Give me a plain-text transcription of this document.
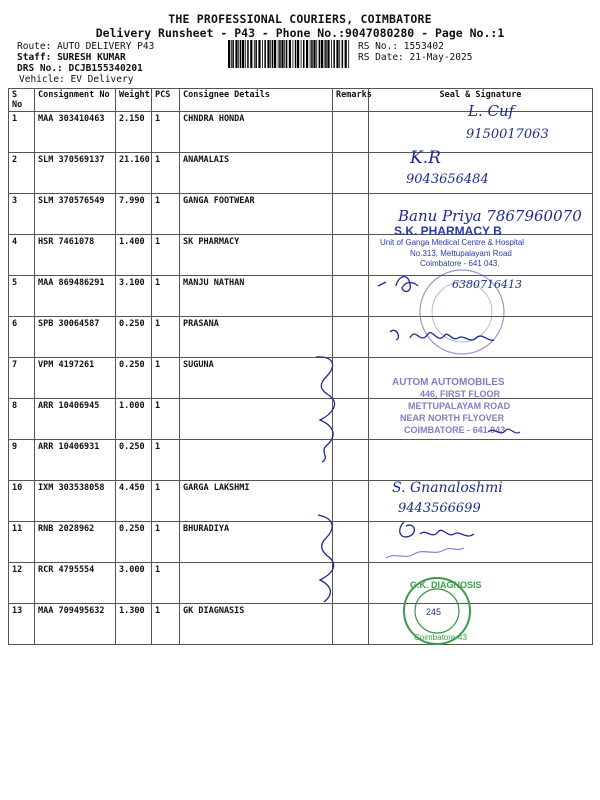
THE PROFESSIONAL COURIERS, COIMBATORE
Delivery Runsheet - P43 - Phone No.:9047080280 - Page No.:1
Route: AUTO DELIVERY P43
Staff: SURESH KUMAR
DRS No.: DCJB155340201
Vehicle: EV Delivery
RS No.: 1553402
RS Date: 21-May-2025
S No	Consignment No	Weight	PCS	Consignee Details	Remarks	Seal & Signature
1	MAA 303410463	2.150	1	CHNDRA HONDA		
2	SLM 370569137	21.160	1	ANAMALAIS		
3	SLM 370576549	7.990	1	GANGA FOOTWEAR		
4	HSR 7461078	1.400	1	SK PHARMACY		
5	MAA 869486291	3.100	1	MANJU NATHAN		
6	SPB 30064587	0.250	1	PRASANA		
7	VPM 4197261	0.250	1	SUGUNA		
8	ARR 10406945	1.000	1			
9	ARR 10406931	0.250	1			
10	IXM 303538058	4.450	1	GARGA LAKSHMI		
11	RNB 2028962	0.250	1	BHURADIYA		
12	RCR 4795554	3.000	1			
13	MAA 709495632	1.300	1	GK DIAGNASIS		
L. Cuf
9150017063
K.R
9043656484
Banu Priya 7867960070
S.K. PHARMACY B
Unit of Ganga Medical Centre & Hospital
No.313, Mettupalayam Road
Coimbatore - 641 043.
6380716413
AUTOM AUTOMOBILES
446, FIRST FLOOR
METTUPALAYAM ROAD
NEAR NORTH FLYOVER
COIMBATORE - 641 043
S. Gnanaloshmi
9443566699
G.K. DIAGNOSIS
245
Coimbatore-43
